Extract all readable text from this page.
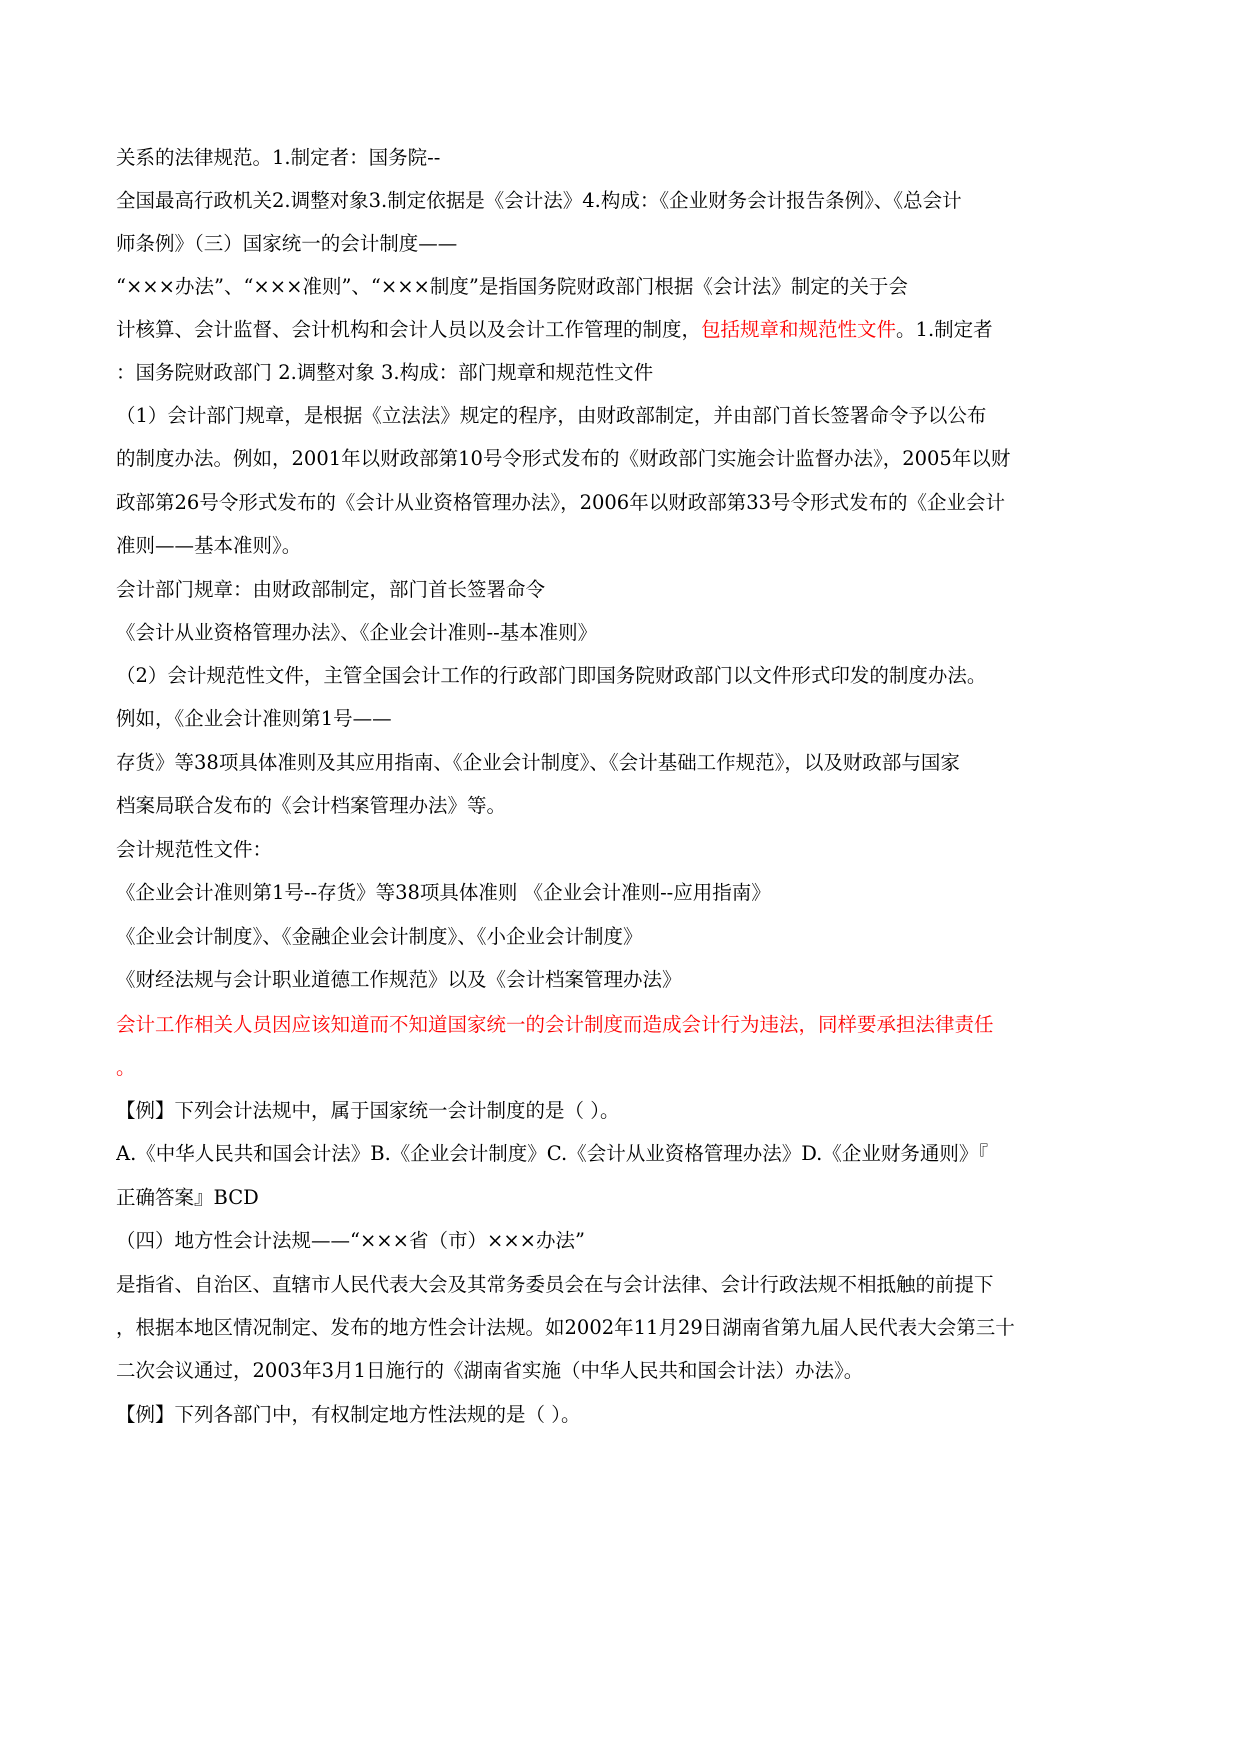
关系的法律规范。1.制定者：国务院--
全国最高行政机关2.调整对象3.制定依据是《会计法》4.构成：《企业财务会计报告条例》、《总会计
师条例》（三）国家统一的会计制度——
“×××办法”、“×××准则”、“×××制度”是指国务院财政部门根据《会计法》制定的关于会
计核算、会计监督、会计机构和会计人员以及会计工作管理的制度，包括规章和规范性文件。1.制定者
：国务院财政部门 2.调整对象 3.构成：部门规章和规范性文件
（1）会计部门规章，是根据《立法法》规定的程序，由财政部制定，并由部门首长签署命令予以公布
的制度办法。例如，2001年以财政部第10号令形式发布的《财政部门实施会计监督办法》，2005年以财
政部第26号令形式发布的《会计从业资格管理办法》，2006年以财政部第33号令形式发布的《企业会计
准则——基本准则》。
会计部门规章：由财政部制定，部门首长签署命令
《会计从业资格管理办法》、《企业会计准则--基本准则》
（2）会计规范性文件，主管全国会计工作的行政部门即国务院财政部门以文件形式印发的制度办法。
例如，《企业会计准则第1号——
存货》等38项具体准则及其应用指南、《企业会计制度》、《会计基础工作规范》，以及财政部与国家
档案局联合发布的《会计档案管理办法》等。
会计规范性文件：
《企业会计准则第1号--存货》等38项具体准则 《企业会计准则--应用指南》
《企业会计制度》、《金融企业会计制度》、《小企业会计制度》
《财经法规与会计职业道德工作规范》以及《会计档案管理办法》
会计工作相关人员因应该知道而不知道国家统一的会计制度而造成会计行为违法，同样要承担法律责任
。
【例】下列会计法规中，属于国家统一会计制度的是（ ）。
A.《中华人民共和国会计法》B.《企业会计制度》C.《会计从业资格管理办法》D.《企业财务通则》『
正确答案』BCD
（四）地方性会计法规——“×××省（市）×××办法”
是指省、自治区、直辖市人民代表大会及其常务委员会在与会计法律、会计行政法规不相抵触的前提下
，根据本地区情况制定、发布的地方性会计法规。如2002年11月29日湖南省第九届人民代表大会第三十
二次会议通过，2003年3月1日施行的《湖南省实施（中华人民共和国会计法）办法》。
【例】下列各部门中，有权制定地方性法规的是（ ）。
